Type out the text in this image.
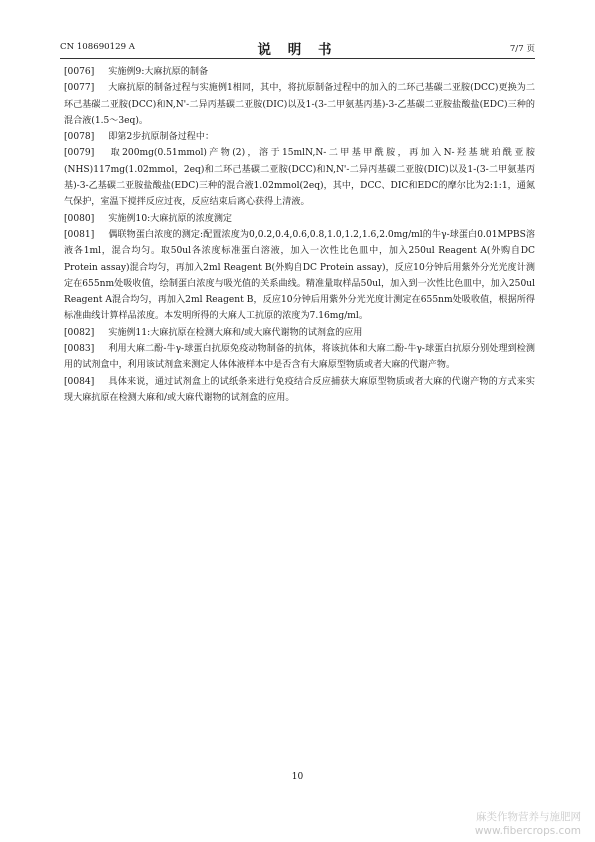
CN 108690129 A	说 明 书	7/7 页

[0076] 实施例9:大麻抗原的制备

[0077] 大麻抗原的制备过程与实施例1相同，其中，将抗原制备过程中的加入的二环己基碳二亚胺(DCC)更换为二环己基碳二亚胺(DCC)和N,N'-二异丙基碳二亚胺(DIC)以及1-(3-二甲氨基丙基)-3-乙基碳二亚胺盐酸盐(EDC)三种的混合液(1.5～3eq)。

[0078] 即第2步抗原制备过程中：

[0079] 取200mg(0.51mmol)产物(2)，溶于15mlN,N-二甲基甲酰胺，再加入N-羟基琥珀酰亚胺(NHS)117mg(1.02mmol，2eq)和二环己基碳二亚胺(DCC)和N,N'-二异丙基碳二亚胺(DIC)以及1-(3-二甲氨基丙基)-3-乙基碳二亚胺盐酸盐(EDC)三种的混合液1.02mmol(2eq)，其中，DCC、DIC和EDC的摩尔比为2:1:1，通氮气保护，室温下搅拌反应过夜，反应结束后离心获得上清液。

[0080] 实施例10:大麻抗原的浓度测定

[0081] 偶联物蛋白浓度的测定:配置浓度为0,0.2,0.4,0.6,0.8,1.0,1.2,1.6,2.0mg/ml的牛γ-球蛋白0.01MPBS溶液各1ml，混合均匀。取50ul各浓度标准蛋白溶液，加入一次性比色皿中，加入250ul Reagent A(外购自DC Protein assay)混合均匀，再加入2ml Reagent B(外购自DC Protein assay)，反应10分钟后用紫外分光光度计测定在655nm处吸收值，绘制蛋白浓度与吸光值的关系曲线。精准量取样品50ul，加入到一次性比色皿中，加入250ul Reagent A混合均匀，再加入2ml Reagent B，反应10分钟后用紫外分光光度计测定在655nm处吸收值，根据所得标准曲线计算样品浓度。本发明所得的大麻人工抗原的浓度为7.16mg/ml。

[0082] 实施例11:大麻抗原在检测大麻和/或大麻代谢物的试剂盒的应用

[0083] 利用大麻二酚-牛γ-球蛋白抗原免疫动物制备的抗体，将该抗体和大麻二酚-牛γ-球蛋白抗原分别处理到检测用的试剂盒中，利用该试剂盒来测定人体体液样本中是否含有大麻原型物质或者大麻的代谢产物。

[0084] 具体来说，通过试剂盒上的试纸条来进行免疫结合反应捕获大麻原型物质或者大麻的代谢产物的方式来实现大麻抗原在检测大麻和/或大麻代谢物的试剂盒的应用。

10
麻类作物营养与施肥网
www.fibercrops.com
